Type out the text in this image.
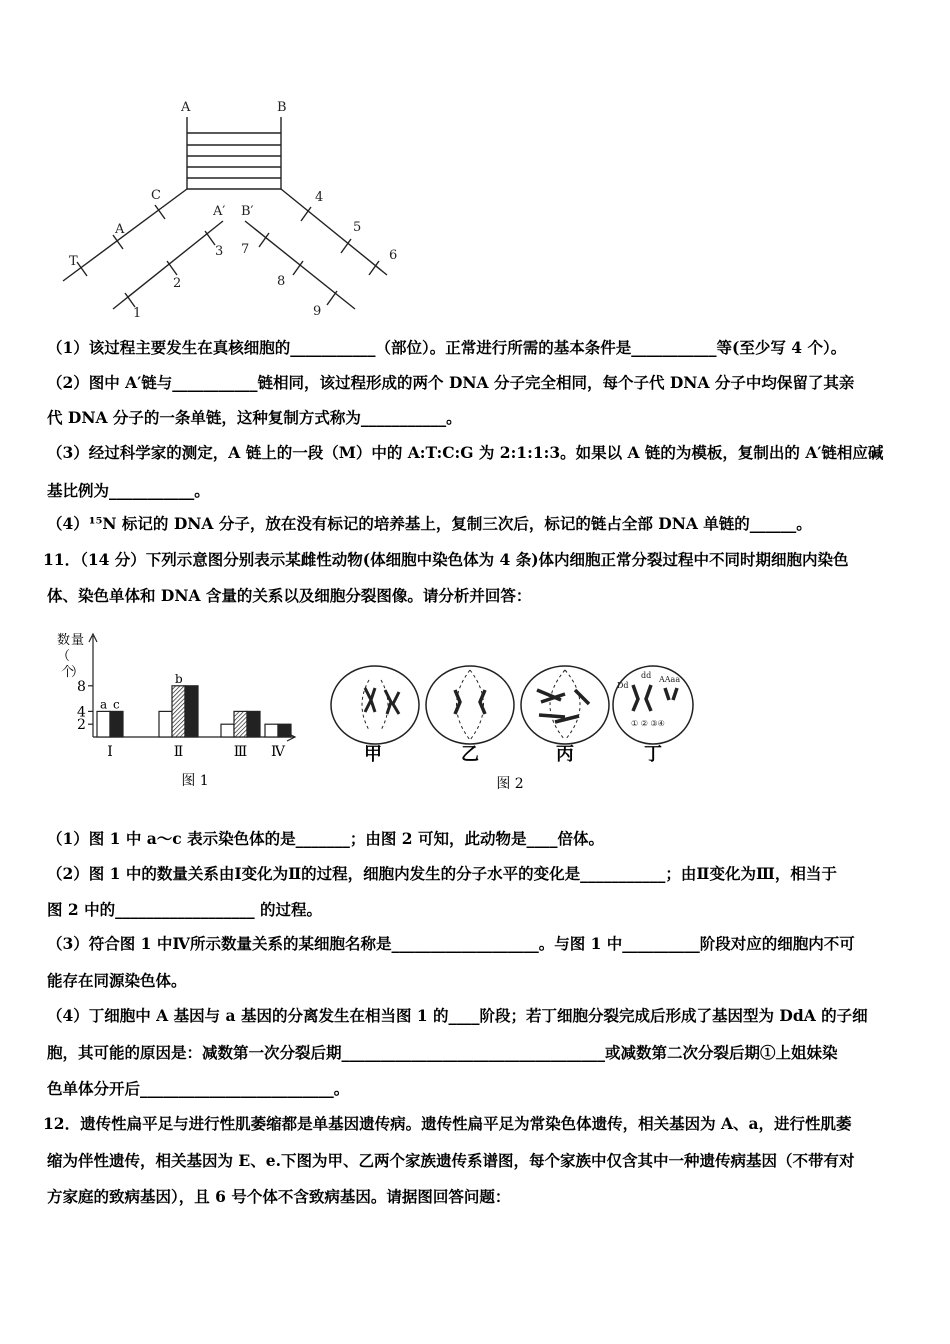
A	B
A′ B′
C
A
T
4
5
6
3
2
1
7
8
9
（1）该过程主要发生在真核细胞的___________（部位）。正常进行所需的基本条件是___________等(至少写 4 个）。
（2）图中 A′链与___________链相同，该过程形成的两个 DNA 分子完全相同，每个子代 DNA 分子中均保留了其亲
代 DNA 分子的一条单链，这种复制方式称为___________。
（3）经过科学家的测定，A 链上的一段（M）中的 A:T:C:G 为 2:1:1:3。如果以 A 链的为模板，复制出的 A′链相应碱
基比例为___________。
（4）¹⁵N 标记的 DNA 分子，放在没有标记的培养基上，复制三次后，标记的链占全部 DNA 单链的______。
11．（14 分）下列示意图分别表示某雌性动物(体细胞中染色体为 4 条)体内细胞正常分裂过程中不同时期细胞内染色
体、染色单体和 DNA 含量的关系以及细胞分裂图像。请分析并回答：
数 量
（
个
）
2
4
8
a c
Ⅰ
b
Ⅱ	Ⅲ Ⅳ
图 1
Dd
dd AAaa
① ② ③④
甲	乙	丙	丁
图 2
（1）图 1 中 a～c 表示染色体的是_______；由图 2 可知，此动物是____倍体。
（2）图 1 中的数量关系由Ⅰ变化为Ⅱ的过程，细胞内发生的分子水平的变化是___________；由Ⅱ变化为Ⅲ，相当于
图 2 中的__________________ 的过程。
（3）符合图 1 中Ⅳ所示数量关系的某细胞名称是___________________。与图 1 中__________阶段对应的细胞内不可
能存在同源染色体。
（4）丁细胞中 A 基因与 a 基因的分离发生在相当图 1 的____阶段；若丁细胞分裂完成后形成了基因型为 DdA 的子细
胞，其可能的原因是：减数第一次分裂后期__________________________________或减数第二次分裂后期①上姐妹染
色单体分开后_________________________。
12．遗传性扁平足与进行性肌萎缩都是单基因遗传病。遗传性扁平足为常染色体遗传，相关基因为 A、a，进行性肌萎
缩为伴性遗传，相关基因为 E、e.下图为甲、乙两个家族遗传系谱图，每个家族中仅含其中一种遗传病基因（不带有对
方家庭的致病基因），且 6 号个体不含致病基因。请据图回答问题：
